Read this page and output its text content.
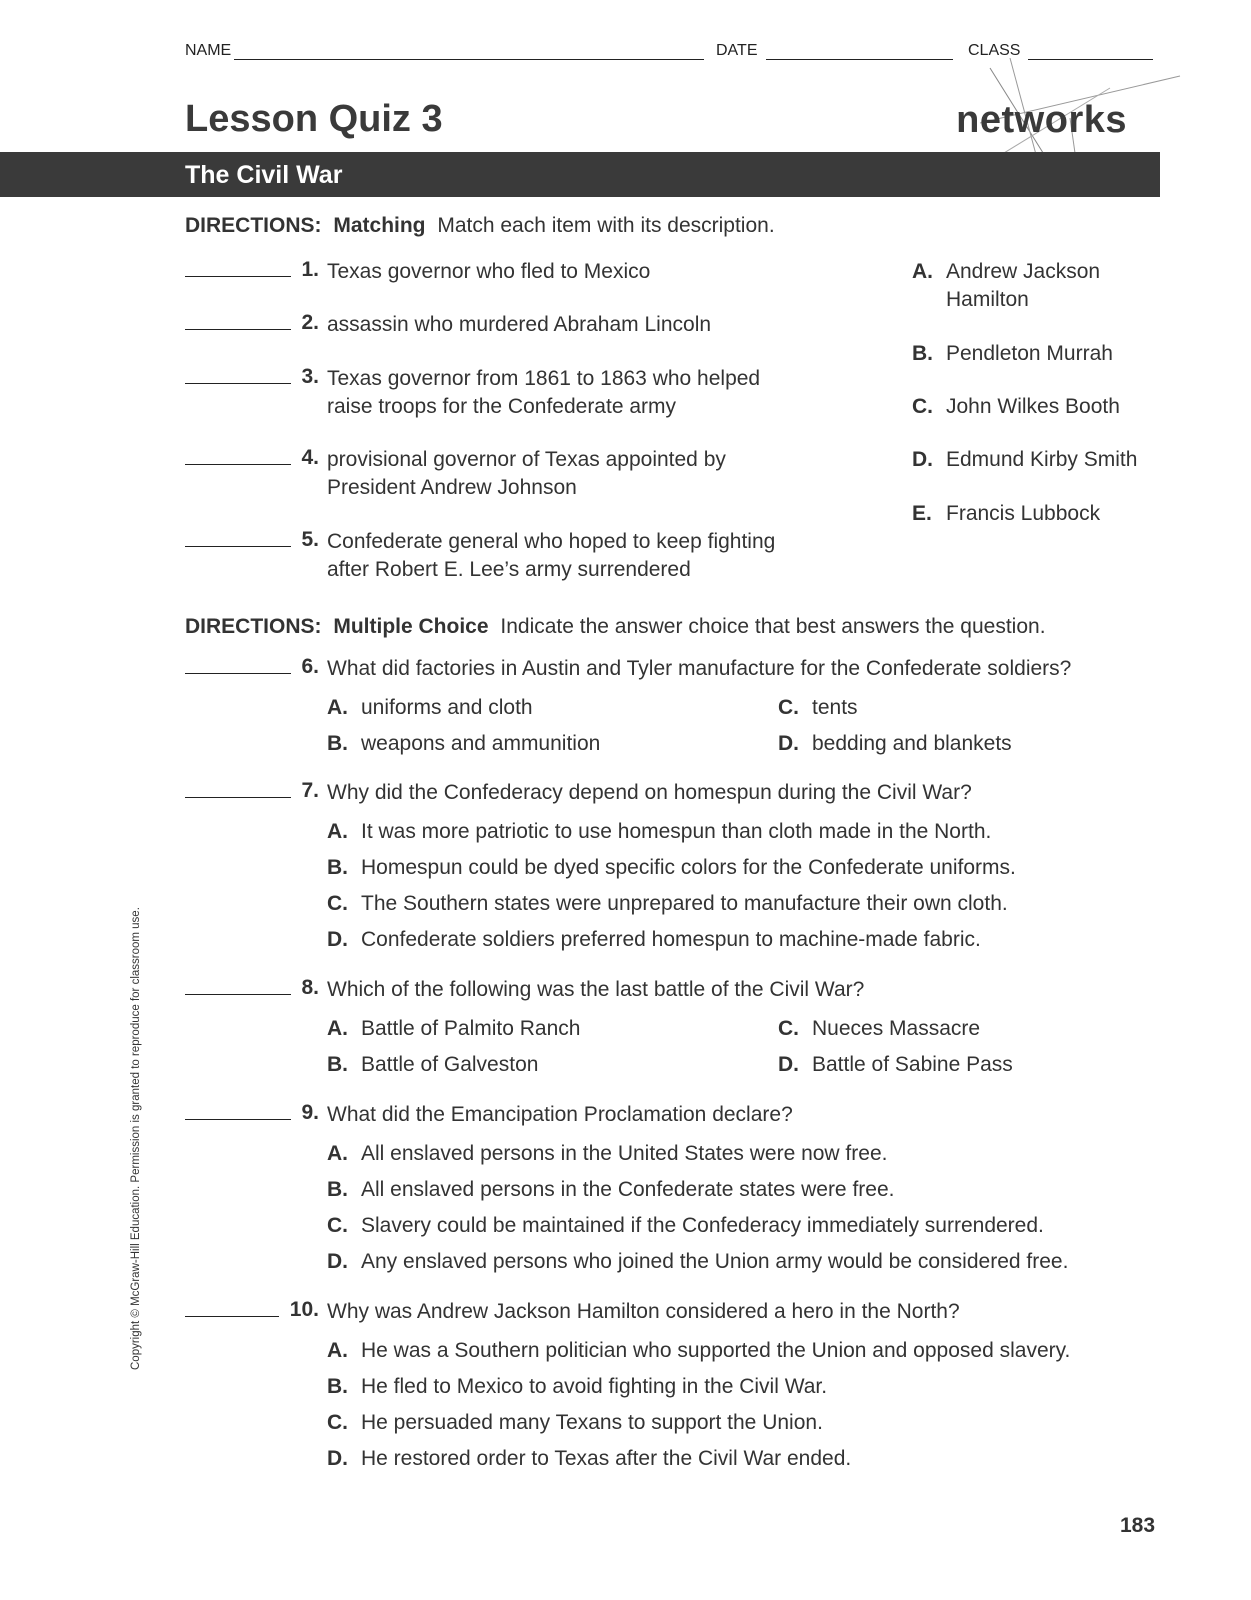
NAME	DATE	CLASS
Lesson Quiz 3	networks
The Civil War
DIRECTIONS: Matching Match each item with its description.
1. Texas governor who fled to Mexico
2. assassin who murdered Abraham Lincoln
3. Texas governor from 1861 to 1863 who helped
raise troops for the Confederate army
4. provisional governor of Texas appointed by
President Andrew Johnson
5. Confederate general who hoped to keep fighting
after Robert E. Lee’s army surrendered
A. Andrew Jackson
Hamilton
B. Pendleton Murrah
C. John Wilkes Booth
D. Edmund Kirby Smith
E. Francis Lubbock
DIRECTIONS: Multiple Choice Indicate the answer choice that best answers the question.
6. What did factories in Austin and Tyler manufacture for the Confederate soldiers?
A. uniforms and cloth
B. weapons and ammunition
C. tents
D. bedding and blankets
7. Why did the Confederacy depend on homespun during the Civil War?
A. It was more patriotic to use homespun than cloth made in the North.
B. Homespun could be dyed specific colors for the Confederate uniforms.
C. The Southern states were unprepared to manufacture their own cloth.
D. Confederate soldiers preferred homespun to machine-made fabric.
8. Which of the following was the last battle of the Civil War?
A. Battle of Palmito Ranch
B. Battle of Galveston
C. Nueces Massacre
D. Battle of Sabine Pass
9. What did the Emancipation Proclamation declare?
A. All enslaved persons in the United States were now free.
B. All enslaved persons in the Confederate states were free.
C. Slavery could be maintained if the Confederacy immediately surrendered.
D. Any enslaved persons who joined the Union army would be considered free.
10. Why was Andrew Jackson Hamilton considered a hero in the North?
A. He was a Southern politician who supported the Union and opposed slavery.
B. He fled to Mexico to avoid fighting in the Civil War.
C. He persuaded many Texans to support the Union.
D. He restored order to Texas after the Civil War ended.
Copyright © McGraw-Hill Education. Permission is granted to reproduce for classroom use.
183
